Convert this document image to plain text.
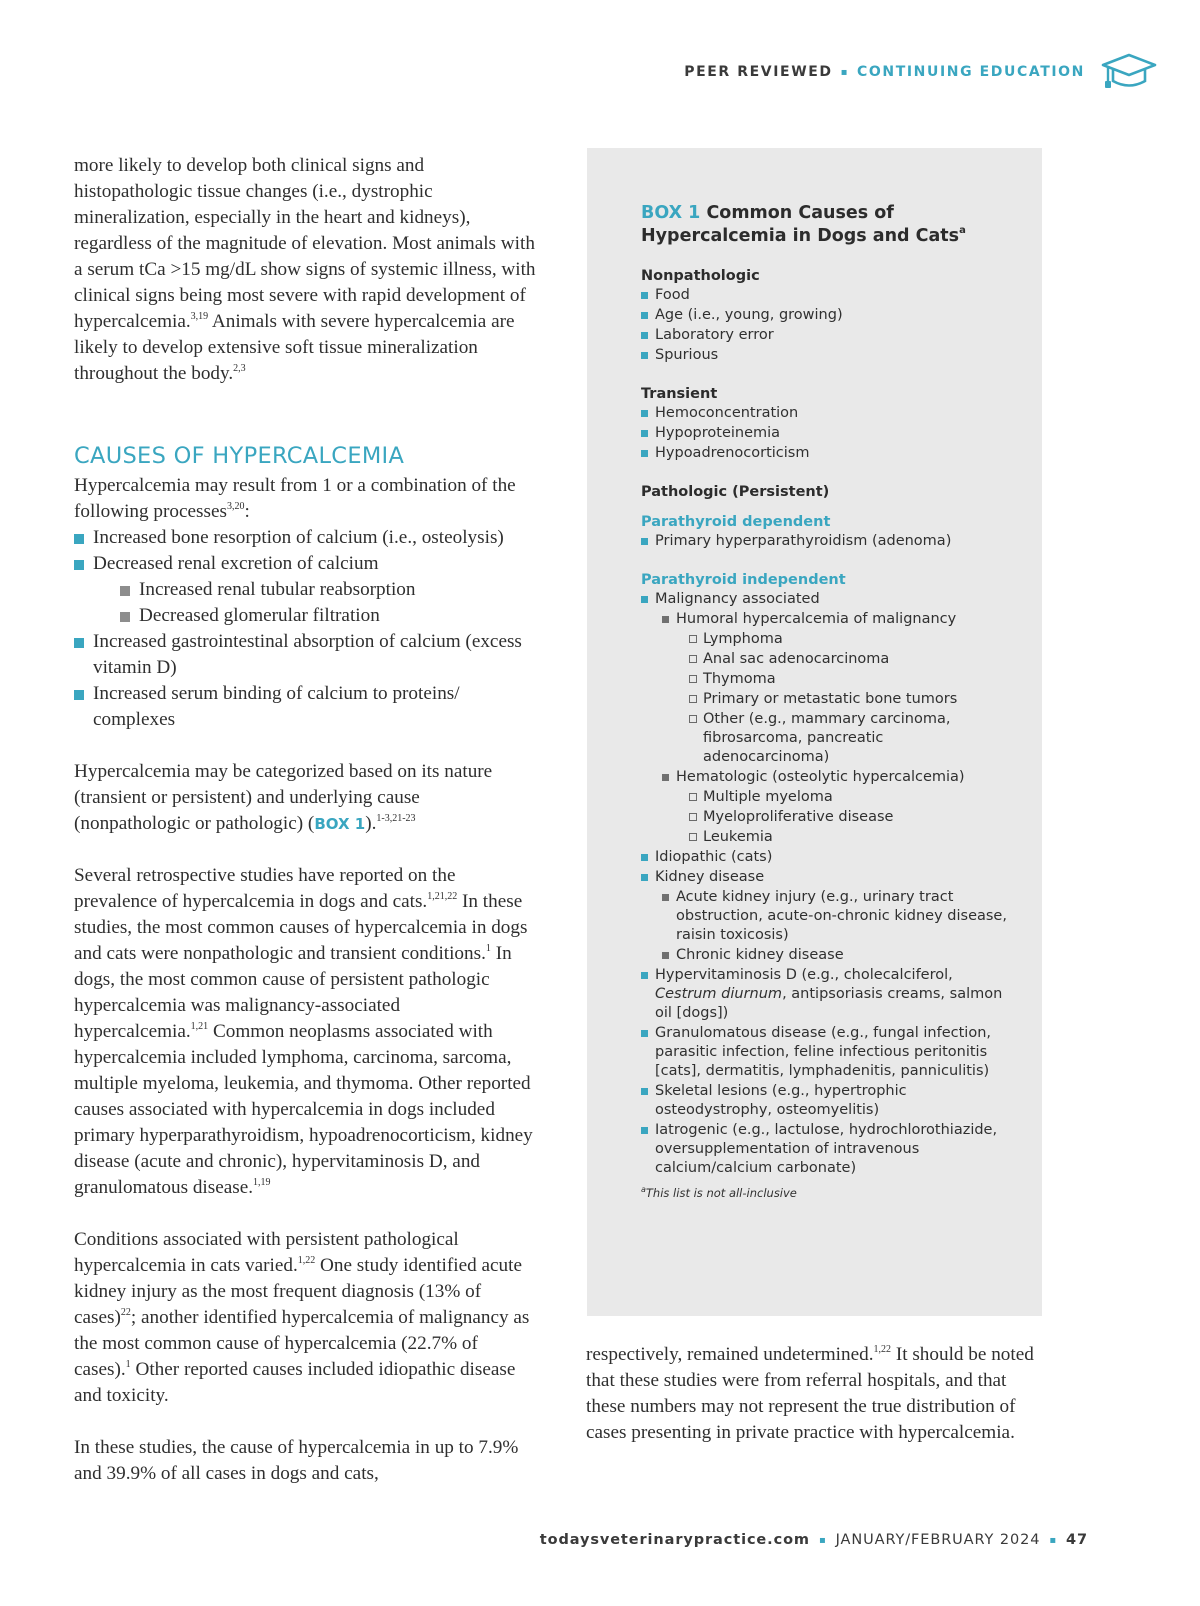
PEER REVIEWED ▪ CONTINUING EDUCATION

more likely to develop both clinical signs and histopathologic tissue changes (i.e., dystrophic mineralization, especially in the heart and kidneys), regardless of the magnitude of elevation. Most animals with a serum tCa >15 mg/dL show signs of systemic illness, with clinical signs being most severe with rapid development of hypercalcemia.$^{3,19}$ Animals with severe hypercalcemia are likely to develop extensive soft tissue mineralization throughout the body.$^{2,3}$

CAUSES OF HYPERCALCEMIA

Hypercalcemia may result from 1 or a combination of the following processes$^{3,20}$:

Increased bone resorption of calcium (i.e., osteolysis)
Decreased renal excretion of calcium
Increased renal tubular reabsorption
Decreased glomerular filtration
Increased gastrointestinal absorption of calcium (excess vitamin D)
Increased serum binding of calcium to proteins/ complexes

Hypercalcemia may be categorized based on its nature (transient or persistent) and underlying cause (nonpathologic or pathologic) (BOX 1).$^{1-3,21-23}$

Several retrospective studies have reported on the prevalence of hypercalcemia in dogs and cats.$^{1,21,22}$ In these studies, the most common causes of hypercalcemia in dogs and cats were nonpathologic and transient conditions.$^1$ In dogs, the most common cause of persistent pathologic hypercalcemia was malignancy-associated hypercalcemia.$^{1,21}$ Common neoplasms associated with hypercalcemia included lymphoma, carcinoma, sarcoma, multiple myeloma, leukemia, and thymoma. Other reported causes associated with hypercalcemia in dogs included primary hyperparathyroidism, hypoadrenocorticism, kidney disease (acute and chronic), hypervitaminosis D, and granulomatous disease.$^{1,19}$

Conditions associated with persistent pathological hypercalcemia in cats varied.$^{1,22}$ One study identified acute kidney injury as the most frequent diagnosis (13% of cases)$^{22}$; another identified hypercalcemia of malignancy as the most common cause of hypercalcemia (22.7% of cases).$^1$ Other reported causes included idiopathic disease and toxicity.

In these studies, the cause of hypercalcemia in up to 7.9% and 39.9% of all cases in dogs and cats,

BOX 1 Common Causes of Hypercalcemia in Dogs and Cats$^a$

Nonpathologic

Food
Age (i.e., young, growing)
Laboratory error
Spurious

Transient

Hemoconcentration
Hypoproteinemia
Hypoadrenocorticism

Pathologic (Persistent)

Parathyroid dependent

Primary hyperparathyroidism (adenoma)

Parathyroid independent

Malignancy associated
Humoral hypercalcemia of malignancy
Lymphoma
Anal sac adenocarcinoma
Thymoma
Primary or metastatic bone tumors
Other (e.g., mammary carcinoma, fibrosarcoma, pancreatic adenocarcinoma)
Hematologic (osteolytic hypercalcemia)
Multiple myeloma
Myeloproliferative disease
Leukemia
Idiopathic (cats)
Kidney disease
Acute kidney injury (e.g., urinary tract obstruction, acute-on-chronic kidney disease, raisin toxicosis)
Chronic kidney disease
Hypervitaminosis D (e.g., cholecalciferol, Cestrum diurnum, antipsoriasis creams, salmon oil [dogs])
Granulomatous disease (e.g., fungal infection, parasitic infection, feline infectious peritonitis [cats], dermatitis, lymphadenitis, panniculitis)
Skeletal lesions (e.g., hypertrophic osteodystrophy, osteomyelitis)
Iatrogenic (e.g., lactulose, hydrochlorothiazide, oversupplementation of intravenous calcium/calcium carbonate)
$^a$This list is not all-inclusive

respectively, remained undetermined.$^{1,22}$ It should be noted that these studies were from referral hospitals, and that these numbers may not represent the true distribution of cases presenting in private practice with hypercalcemia.

todaysveterinarypractice.com ▪ JANUARY/FEBRUARY 2024 ▪ 47
